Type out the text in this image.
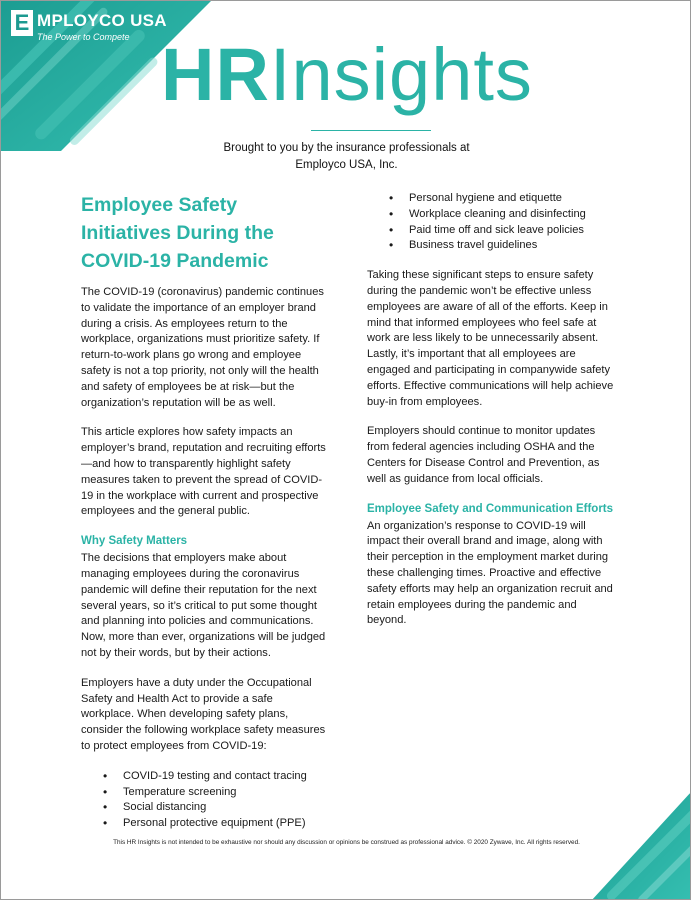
E MPLOYCO USA
The Power to Compete HRInsights
Brought to you by the insurance professionals at
Employco USA, Inc.
Employee Safety Initiatives During the COVID-19 Pandemic

The COVID-19 (coronavirus) pandemic continues to validate the importance of an employer brand during a crisis. As employees return to the workplace, organizations must prioritize safety. If return-to-work plans go wrong and employee safety is not a top priority, not only will the health and safety of employees be at risk—but the organization’s reputation will be as well.

This article explores how safety impacts an employer’s brand, reputation and recruiting efforts—and how to transparently highlight safety measures taken to prevent the spread of COVID-19 in the workplace with current and prospective employees and the general public.

Why Safety Matters

The decisions that employers make about managing employees during the coronavirus pandemic will define their reputation for the next several years, so it’s critical to put some thought and planning into policies and communications. Now, more than ever, organizations will be judged not by their words, but by their actions.

Employers have a duty under the Occupational Safety and Health Act to provide a safe workplace. When developing safety plans, consider the following workplace safety measures to protect employees from COVID-19:

• COVID-19 testing and contact tracing
• Temperature screening
• Social distancing
• Personal protective equipment (PPE)
• Personal hygiene and etiquette
• Workplace cleaning and disinfecting
• Paid time off and sick leave policies
• Business travel guidelines

Taking these significant steps to ensure safety during the pandemic won’t be effective unless employees are aware of all of the efforts. Keep in mind that informed employees who feel safe at work are less likely to be unnecessarily absent. Lastly, it’s important that all employees are engaged and participating in companywide safety efforts. Effective communications will help achieve buy-in from employees.

Employers should continue to monitor updates from federal agencies including OSHA and the Centers for Disease Control and Prevention, as well as guidance from local officials.

Employee Safety and Communication Efforts

An organization’s response to COVID-19 will impact their overall brand and image, along with their perception in the employment market during these challenging times. Proactive and effective safety efforts may help an organization recruit and retain employees during the pandemic and beyond.

This HR Insights is not intended to be exhaustive nor should any discussion or opinions be construed as professional advice. © 2020 Zywave, Inc. All rights reserved.
